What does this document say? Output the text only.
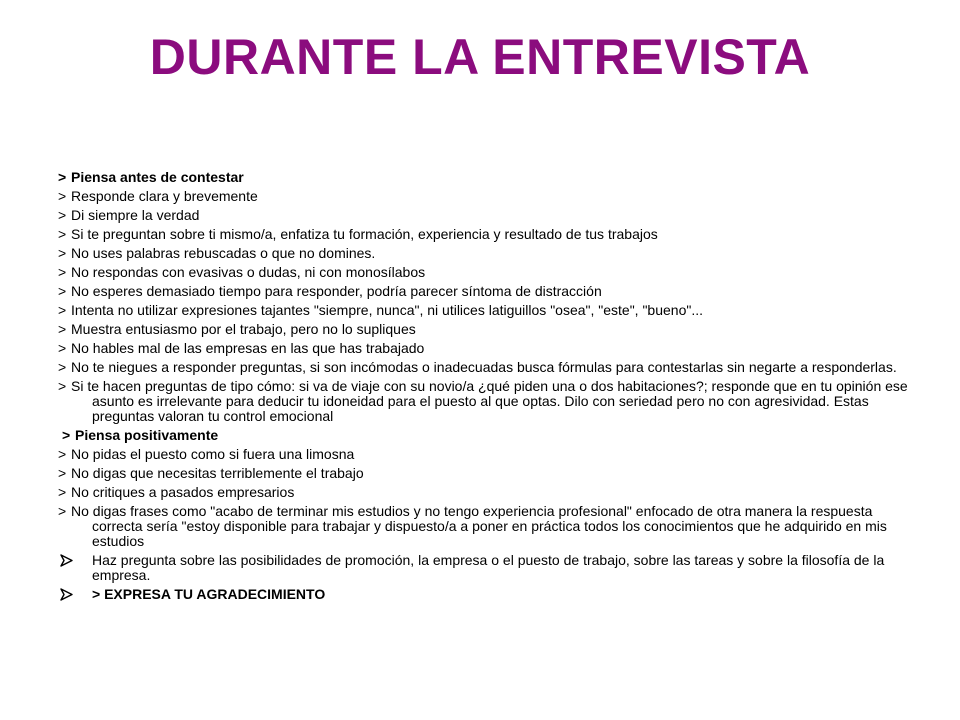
DURANTE LA ENTREVISTA
> Piensa antes de contestar
> Responde clara y brevemente
> Di siempre la verdad
> Si te preguntan sobre ti mismo/a, enfatiza tu formación, experiencia y resultado de tus trabajos
> No uses palabras rebuscadas o que no domines.
> No respondas con evasivas o dudas, ni con monosílabos
> No esperes demasiado tiempo para responder, podría parecer síntoma de distracción
> Intenta no utilizar expresiones tajantes "siempre, nunca", ni utilices latiguillos "osea", "este", "bueno"...
> Muestra entusiasmo por el trabajo, pero no lo supliques
> No hables mal de las empresas en las que has trabajado
> No te niegues a responder preguntas, si son incómodas o inadecuadas busca fórmulas para contestarlas sin negarte a responderlas.
> Si te hacen preguntas de tipo cómo: si va de viaje con su novio/a ¿qué piden una o dos habitaciones?; responde que en tu opinión ese asunto es irrelevante para deducir tu idoneidad para el puesto al que optas. Dilo con seriedad pero no con agresividad. Estas preguntas valoran tu control emocional
> Piensa positivamente
> No pidas el puesto como si fuera una limosna
> No digas que necesitas terriblemente el trabajo
> No critiques a pasados empresarios
> No digas frases como "acabo de terminar mis estudios y no tengo experiencia profesional" enfocado de otra manera la respuesta correcta sería "estoy disponible para trabajar y dispuesto/a a poner en práctica todos los conocimientos que he adquirido en mis estudios
Haz pregunta sobre las posibilidades de promoción, la empresa o el puesto de trabajo, sobre las tareas y sobre la filosofía de la empresa.
> EXPRESA TU AGRADECIMIENTO
